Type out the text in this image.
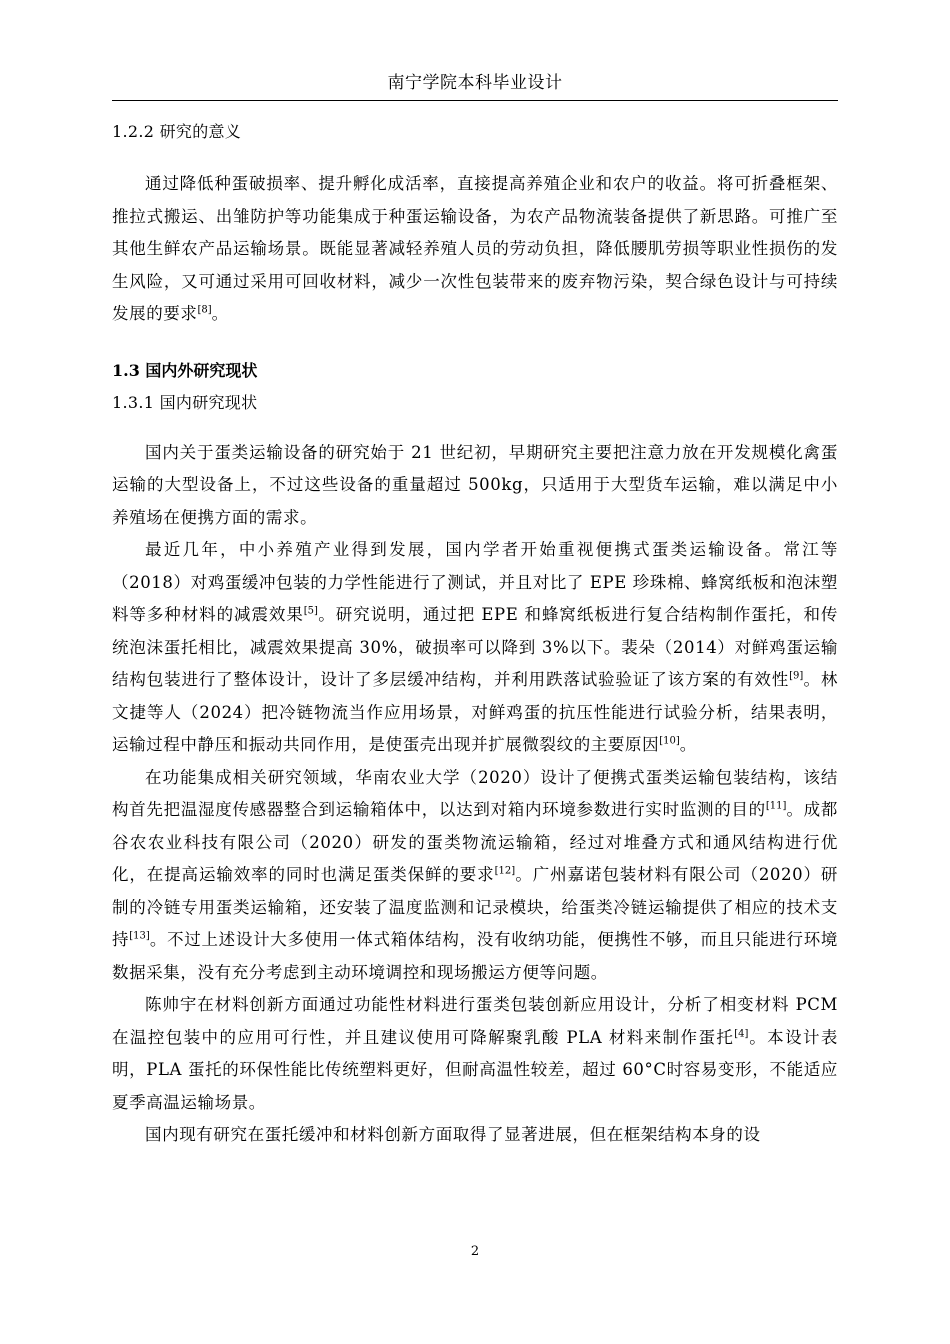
南宁学院本科毕业设计

1.2.2 研究的意义

通过降低种蛋破损率、提升孵化成活率，直接提高养殖企业和农户的收益。将可折叠框架、推拉式搬运、出雏防护等功能集成于种蛋运输设备，为农产品物流装备提供了新思路。可推广至其他生鲜农产品运输场景。既能显著减轻养殖人员的劳动负担，降低腰肌劳损等职业性损伤的发生风险，又可通过采用可回收材料，减少一次性包装带来的废弃物污染，契合绿色设计与可持续发展的要求[8]。

1.3 国内外研究现状

1.3.1 国内研究现状

国内关于蛋类运输设备的研究始于 21 世纪初，早期研究主要把注意力放在开发规模化禽蛋运输的大型设备上，不过这些设备的重量超过 500kg，只适用于大型货车运输，难以满足中小养殖场在便携方面的需求。

最近几年，中小养殖产业得到发展，国内学者开始重视便携式蛋类运输设备。常江等（2018）对鸡蛋缓冲包装的力学性能进行了测试，并且对比了 EPE 珍珠棉、蜂窝纸板和泡沫塑料等多种材料的减震效果[5]。研究说明，通过把 EPE 和蜂窝纸板进行复合结构制作蛋托，和传统泡沫蛋托相比，减震效果提高 30%，破损率可以降到 3%以下。裴朵（2014）对鲜鸡蛋运输结构包装进行了整体设计，设计了多层缓冲结构，并利用跌落试验验证了该方案的有效性[9]。林文捷等人（2024）把冷链物流当作应用场景，对鲜鸡蛋的抗压性能进行试验分析，结果表明，运输过程中静压和振动共同作用，是使蛋壳出现并扩展微裂纹的主要原因[10]。

在功能集成相关研究领域，华南农业大学（2020）设计了便携式蛋类运输包装结构，该结构首先把温湿度传感器整合到运输箱体中，以达到对箱内环境参数进行实时监测的目的[11]。成都谷农农业科技有限公司（2020）研发的蛋类物流运输箱，经过对堆叠方式和通风结构进行优化，在提高运输效率的同时也满足蛋类保鲜的要求[12]。广州嘉诺包装材料有限公司（2020）研制的冷链专用蛋类运输箱，还安装了温度监测和记录模块，给蛋类冷链运输提供了相应的技术支持[13]。不过上述设计大多使用一体式箱体结构，没有收纳功能，便携性不够，而且只能进行环境数据采集，没有充分考虑到主动环境调控和现场搬运方便等问题。

陈帅宇在材料创新方面通过功能性材料进行蛋类包装创新应用设计，分析了相变材料 PCM 在温控包装中的应用可行性，并且建议使用可降解聚乳酸 PLA 材料来制作蛋托[4]。本设计表明，PLA 蛋托的环保性能比传统塑料更好，但耐高温性较差，超过 60°C时容易变形，不能适应夏季高温运输场景。

国内现有研究在蛋托缓冲和材料创新方面取得了显著进展，但在框架结构本身的设

2
